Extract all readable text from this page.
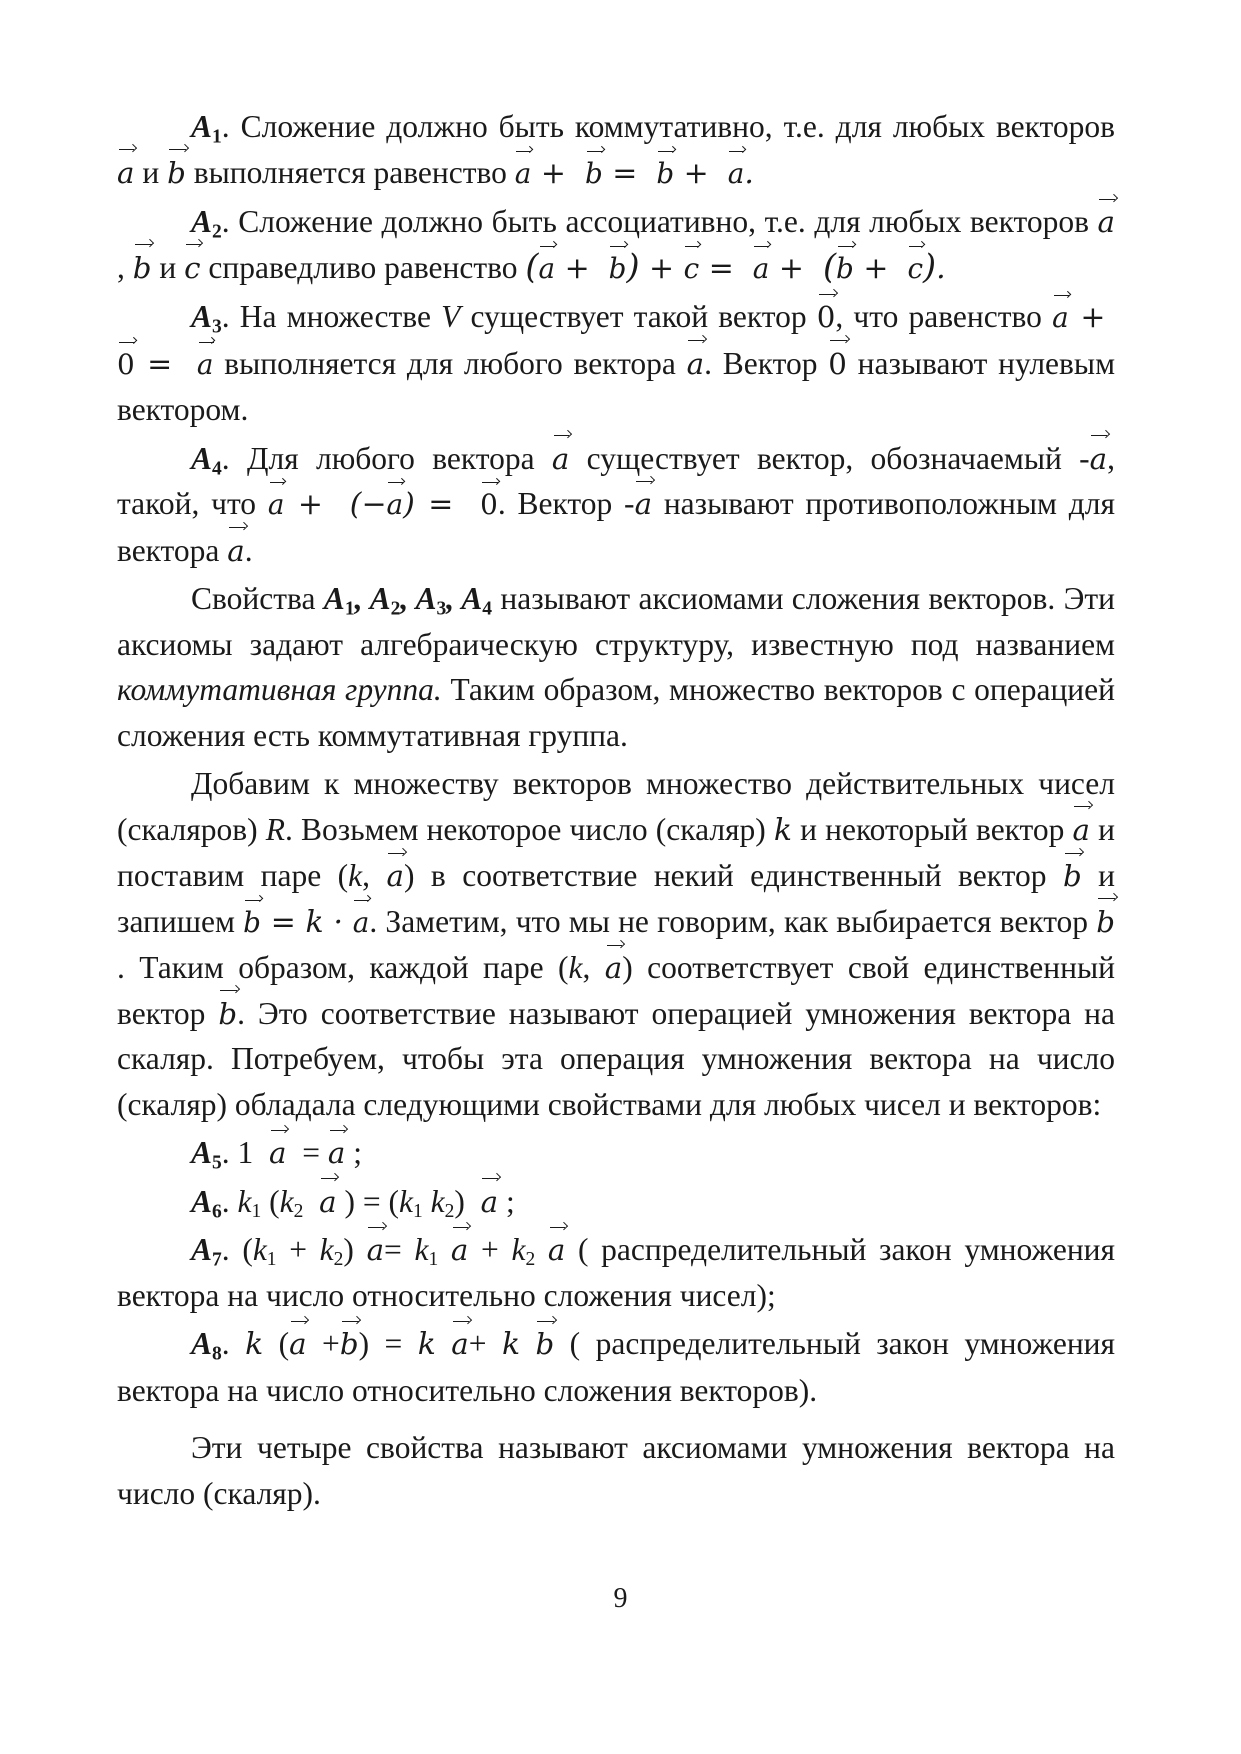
$A_1$. Сложение должно быть коммутативно, т.е. для любых векторов a и b выполняется равенство a +  b =  b +  a.

$A_2$. Сложение должно быть ассоциативно, т.е. для любых векторов a, b и c справедливо равенство (a +  b) + c =  a +  (b +  c).

$A_3$. На множестве V существует такой вектор 0, что равенство a +  0 =  a выполняется для любого вектора a. Вектор 0 называют нулевым вектором.

$A_4$. Для любого вектора a существует вектор, обозначаемый -a, такой, что a +  (−a) =  0. Вектор -a называют противоположным для вектора a.

Свойства $A_1$, $A_2$, $A_3$, $A_4$ называют аксиомами сложения векторов. Эти аксиомы задают алгебраическую структуру, известную под названием коммутативная группа. Таким образом, множество векторов с операцией сложения есть коммутативная группа.

Добавим к множеству векторов множество действительных чисел (скаляров) R. Возьмем некоторое число (скаляр) k и некоторый вектор a и поставим паре (k, a) в соответствие некий единственный вектор b и запишем b = k · a. Заметим, что мы не говорим, как выбирается вектор b. Таким образом, каждой паре (k, a) соответствует свой единственный вектор b. Это соответствие называют операцией умножения вектора на скаляр. Потребуем, чтобы эта операция умножения вектора на число (скаляр) обладала следующими свойствами для любых чисел и векторов:

$A_5$. 1 a  = a ;

$A_6$. $k_1$ ($k_2$ a ) = ($k_1$ $k_2$)  a ;

$A_7$. $(k_1 + k_2)$ $a= k_1$ $a + k_2$ a ( распределительный закон умножения вектора на число относительно сложения чисел);

$A_8$. k (a +b) = k a+ k b ( распределительный закон умножения вектора на число относительно сложения векторов).

Эти четыре свойства называют аксиомами умножения вектора на число (скаляр).

9
